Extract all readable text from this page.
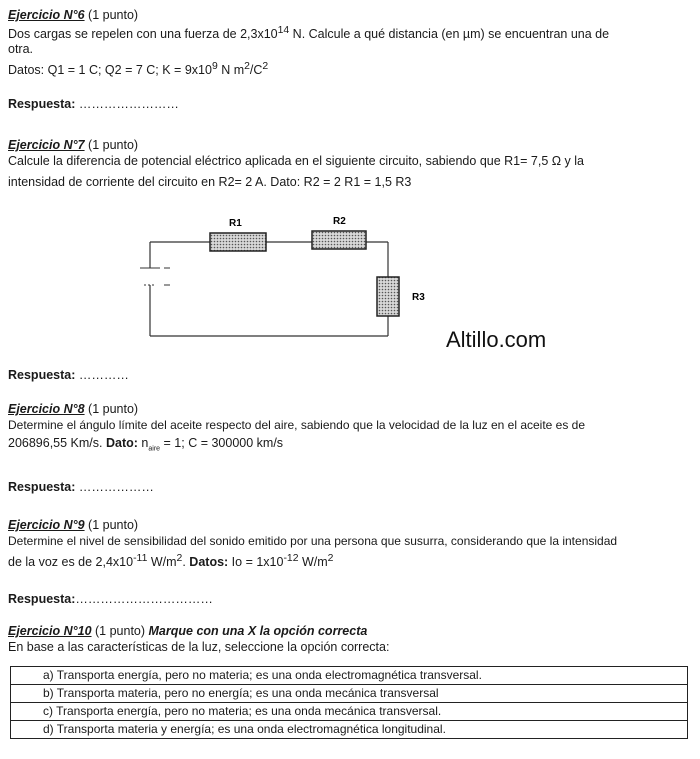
Ejercicio N°6 (1 punto)
Dos cargas se repelen con una fuerza de $2,3x10^{14}$ N. Calcule a qué distancia (en µm) se encuentran una de
otra.
Datos: Q1 = 1 C; Q2 = 7 C; $K = 9x10^9$ N $m^2/C^2$
Respuesta: ……………………
Ejercicio N°7 (1 punto)
Calcule la diferencia de potencial eléctrico aplicada en el siguiente circuito, sabiendo que R1= 7,5 Ω y la
intensidad de corriente del circuito en R2= 2 A. Dato: R2 = 2 R1 = 1,5 R3
R1	R2
R3
Altillo.com
Respuesta: …………
Ejercicio N°8 (1 punto)
Determine el ángulo límite del aceite respecto del aire, sabiendo que la velocidad de la luz en el aceite es de
206896,55 Km/s. Dato: $n_{aire} = 1$; C = 300000 km/s
Respuesta: ………………
Ejercicio N°9 (1 punto)
Determine el nivel de sensibilidad del sonido emitido por una persona que susurra, considerando que la intensidad
de la voz es de $2,4x10^{-11}$ $W/m^2$. Datos: $Io = 1x10^{-12}$ $W/m^2$
Respuesta:……………………………
Ejercicio N°10 (1 punto) Marque con una X la opción correcta
En base a las características de la luz, seleccione la opción correcta:
a) Transporta energía, pero no materia; es una onda electromagnética transversal.
b) Transporta materia, pero no energía; es una onda mecánica transversal
c) Transporta energía, pero no materia; es una onda mecánica transversal.
d) Transporta materia y energía; es una onda electromagnética longitudinal.
